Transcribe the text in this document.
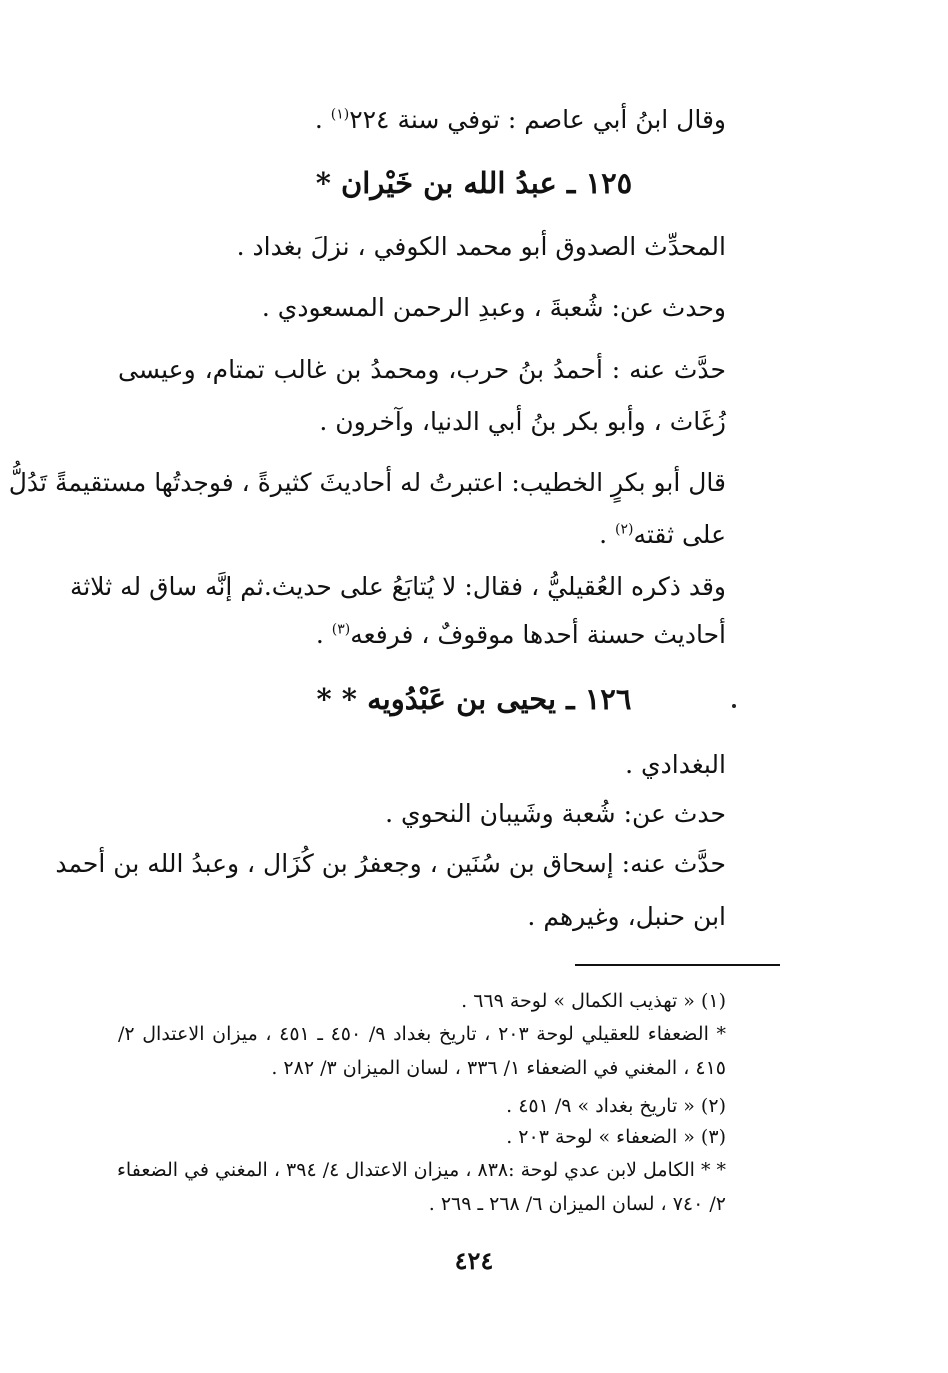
وقال ابنُ أبي عاصم : توفي سنة ٢٢٤$^{(١)}$ .
١٢٥ ـ عبدُ الله بن خَيْران *
المحدِّث الصدوق أبو محمد الكوفي ، نزلَ بغداد .
وحدث عن: شُعبةَ ، وعبدِ الرحمن المسعودي .
حدَّث عنه : أحمدُ بنُ حرب، ومحمدُ بن غالب تمتام، وعيسى
زُغَاث ، وأبو بكر بنُ أبي الدنيا، وآخرون .
قال أبو بكرٍ الخطيب: اعتبرتُ له أحاديثَ كثيرةً ، فوجدتُها مستقيمةً تَدُلُّ
على ثقته$^{(٢)}$ .
وقد ذكره العُقيليُّ ، فقال: لا يُتابَعُ على حديث.ثم إنَّه ساق له ثلاثة
أحاديث حسنة أحدها موقوفٌ ، فرفعه$^{(٣)}$ .
١٢٦ ـ يحيى بن عَبْدُويه * *
البغدادي .
حدث عن: شُعبة وشَيبان النحوي .
حدَّث عنه: إسحاق بن سُنَين ، وجعفرُ بن كُزَال ، وعبدُ الله بن أحمد
ابن حنبل، وغيرهم .
(١) « تهذيب الكمال » لوحة ٦٦٩ .
* الضعفاء للعقيلي لوحة ٢٠٣ ، تاريخ بغداد ٩/ ٤٥٠ ـ ٤٥١ ، ميزان الاعتدال ٢/
٤١٥ ، المغني في الضعفاء ١/ ٣٣٦ ، لسان الميزان ٣/ ٢٨٢ .
(٢) « تاريخ بغداد » ٩/ ٤٥١ .
(٣) « الضعفاء » لوحة ٢٠٣ .
* * الكامل لابن عدي لوحة :٨٣٨ ، ميزان الاعتدال ٤/ ٣٩٤ ، المغني في الضعفاء
٢/ ٧٤٠ ، لسان الميزان ٦/ ٢٦٨ ـ ٢٦٩ .
٤٢٤
